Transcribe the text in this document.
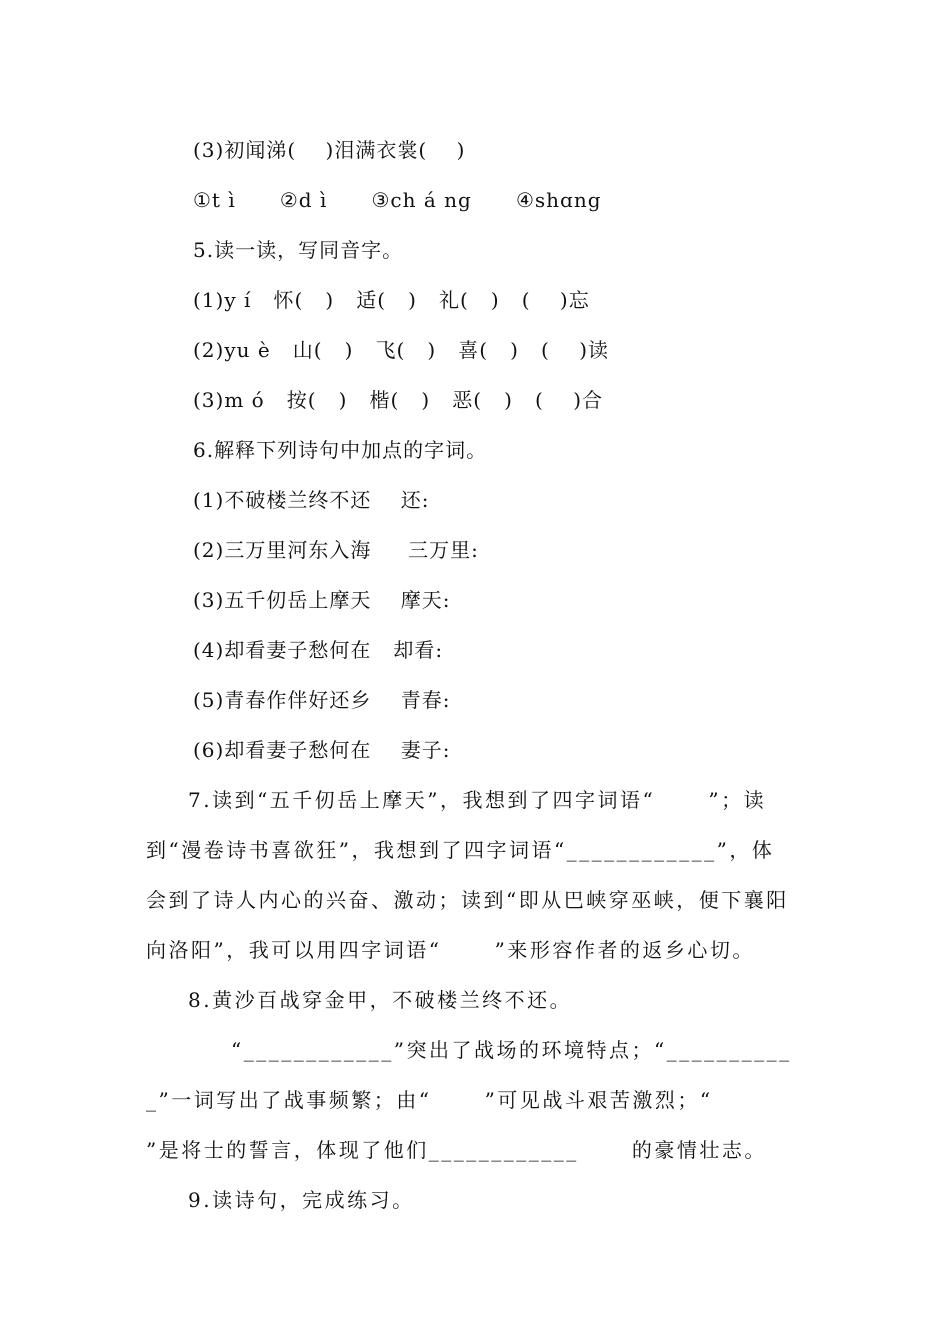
(3)初闻涕(    )泪满衣裳(    )
①t ì      ②d ì      ③ch á ng      ④shɑng
5.读一读，写同音字。
(1)y í   怀(   )   适(   )   礼(   )   (    )忘
(2)yu è   山(   )   飞(   )   喜(   )   (    )读
(3)m ó   按(   )   楷(   )   恶(   )   (    )合
6.解释下列诗句中加点的字词。
(1)不破楼兰终不还    还:
(2)三万里河东入海     三万里:
(3)五千仞岳上摩天    摩天:
(4)却看妻子愁何在   却看:
(5)青春作伴好还乡    青春:
(6)却看妻子愁何在    妻子:
7.读到“五千仞岳上摩天”，我想到了四字词语“      ”；读
到“漫卷诗书喜欲狂”，我想到了四字词语“____________”，体
会到了诗人内心的兴奋、激动；读到“即从巴峡穿巫峡，便下襄阳
向洛阳”，我可以用四字词语“      ”来形容作者的返乡心切。
8.黄沙百战穿金甲，不破楼兰终不还。
“____________”突出了战场的环境特点；“__________
_”一词写出了战事频繁；由“      ”可见战斗艰苦激烈；“
”是将士的誓言，体现了他们____________      的豪情壮志。
9.读诗句，完成练习。
